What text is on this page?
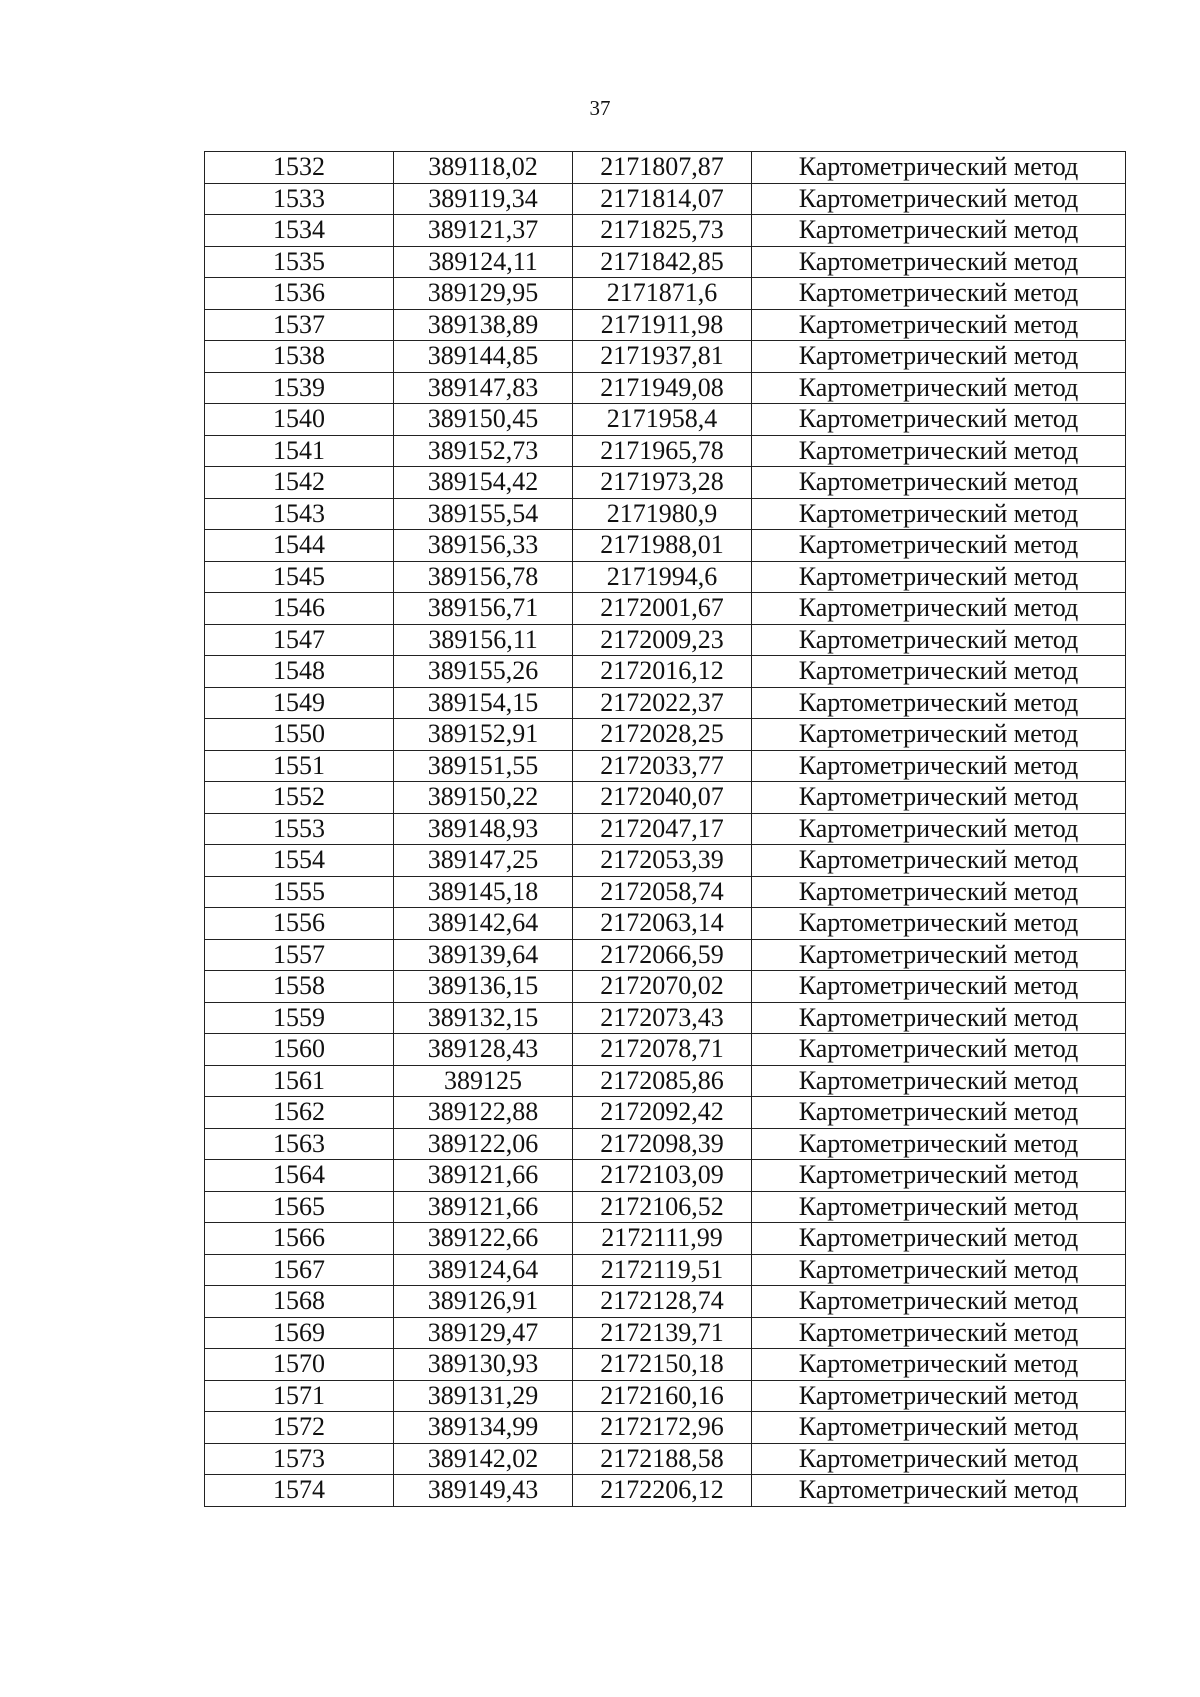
37
1532	389118,02	2171807,87	Картометрический метод
1533	389119,34	2171814,07	Картометрический метод
1534	389121,37	2171825,73	Картометрический метод
1535	389124,11	2171842,85	Картометрический метод
1536	389129,95	2171871,6	Картометрический метод
1537	389138,89	2171911,98	Картометрический метод
1538	389144,85	2171937,81	Картометрический метод
1539	389147,83	2171949,08	Картометрический метод
1540	389150,45	2171958,4	Картометрический метод
1541	389152,73	2171965,78	Картометрический метод
1542	389154,42	2171973,28	Картометрический метод
1543	389155,54	2171980,9	Картометрический метод
1544	389156,33	2171988,01	Картометрический метод
1545	389156,78	2171994,6	Картометрический метод
1546	389156,71	2172001,67	Картометрический метод
1547	389156,11	2172009,23	Картометрический метод
1548	389155,26	2172016,12	Картометрический метод
1549	389154,15	2172022,37	Картометрический метод
1550	389152,91	2172028,25	Картометрический метод
1551	389151,55	2172033,77	Картометрический метод
1552	389150,22	2172040,07	Картометрический метод
1553	389148,93	2172047,17	Картометрический метод
1554	389147,25	2172053,39	Картометрический метод
1555	389145,18	2172058,74	Картометрический метод
1556	389142,64	2172063,14	Картометрический метод
1557	389139,64	2172066,59	Картометрический метод
1558	389136,15	2172070,02	Картометрический метод
1559	389132,15	2172073,43	Картометрический метод
1560	389128,43	2172078,71	Картометрический метод
1561	389125	2172085,86	Картометрический метод
1562	389122,88	2172092,42	Картометрический метод
1563	389122,06	2172098,39	Картометрический метод
1564	389121,66	2172103,09	Картометрический метод
1565	389121,66	2172106,52	Картометрический метод
1566	389122,66	2172111,99	Картометрический метод
1567	389124,64	2172119,51	Картометрический метод
1568	389126,91	2172128,74	Картометрический метод
1569	389129,47	2172139,71	Картометрический метод
1570	389130,93	2172150,18	Картометрический метод
1571	389131,29	2172160,16	Картометрический метод
1572	389134,99	2172172,96	Картометрический метод
1573	389142,02	2172188,58	Картометрический метод
1574	389149,43	2172206,12	Картометрический метод
